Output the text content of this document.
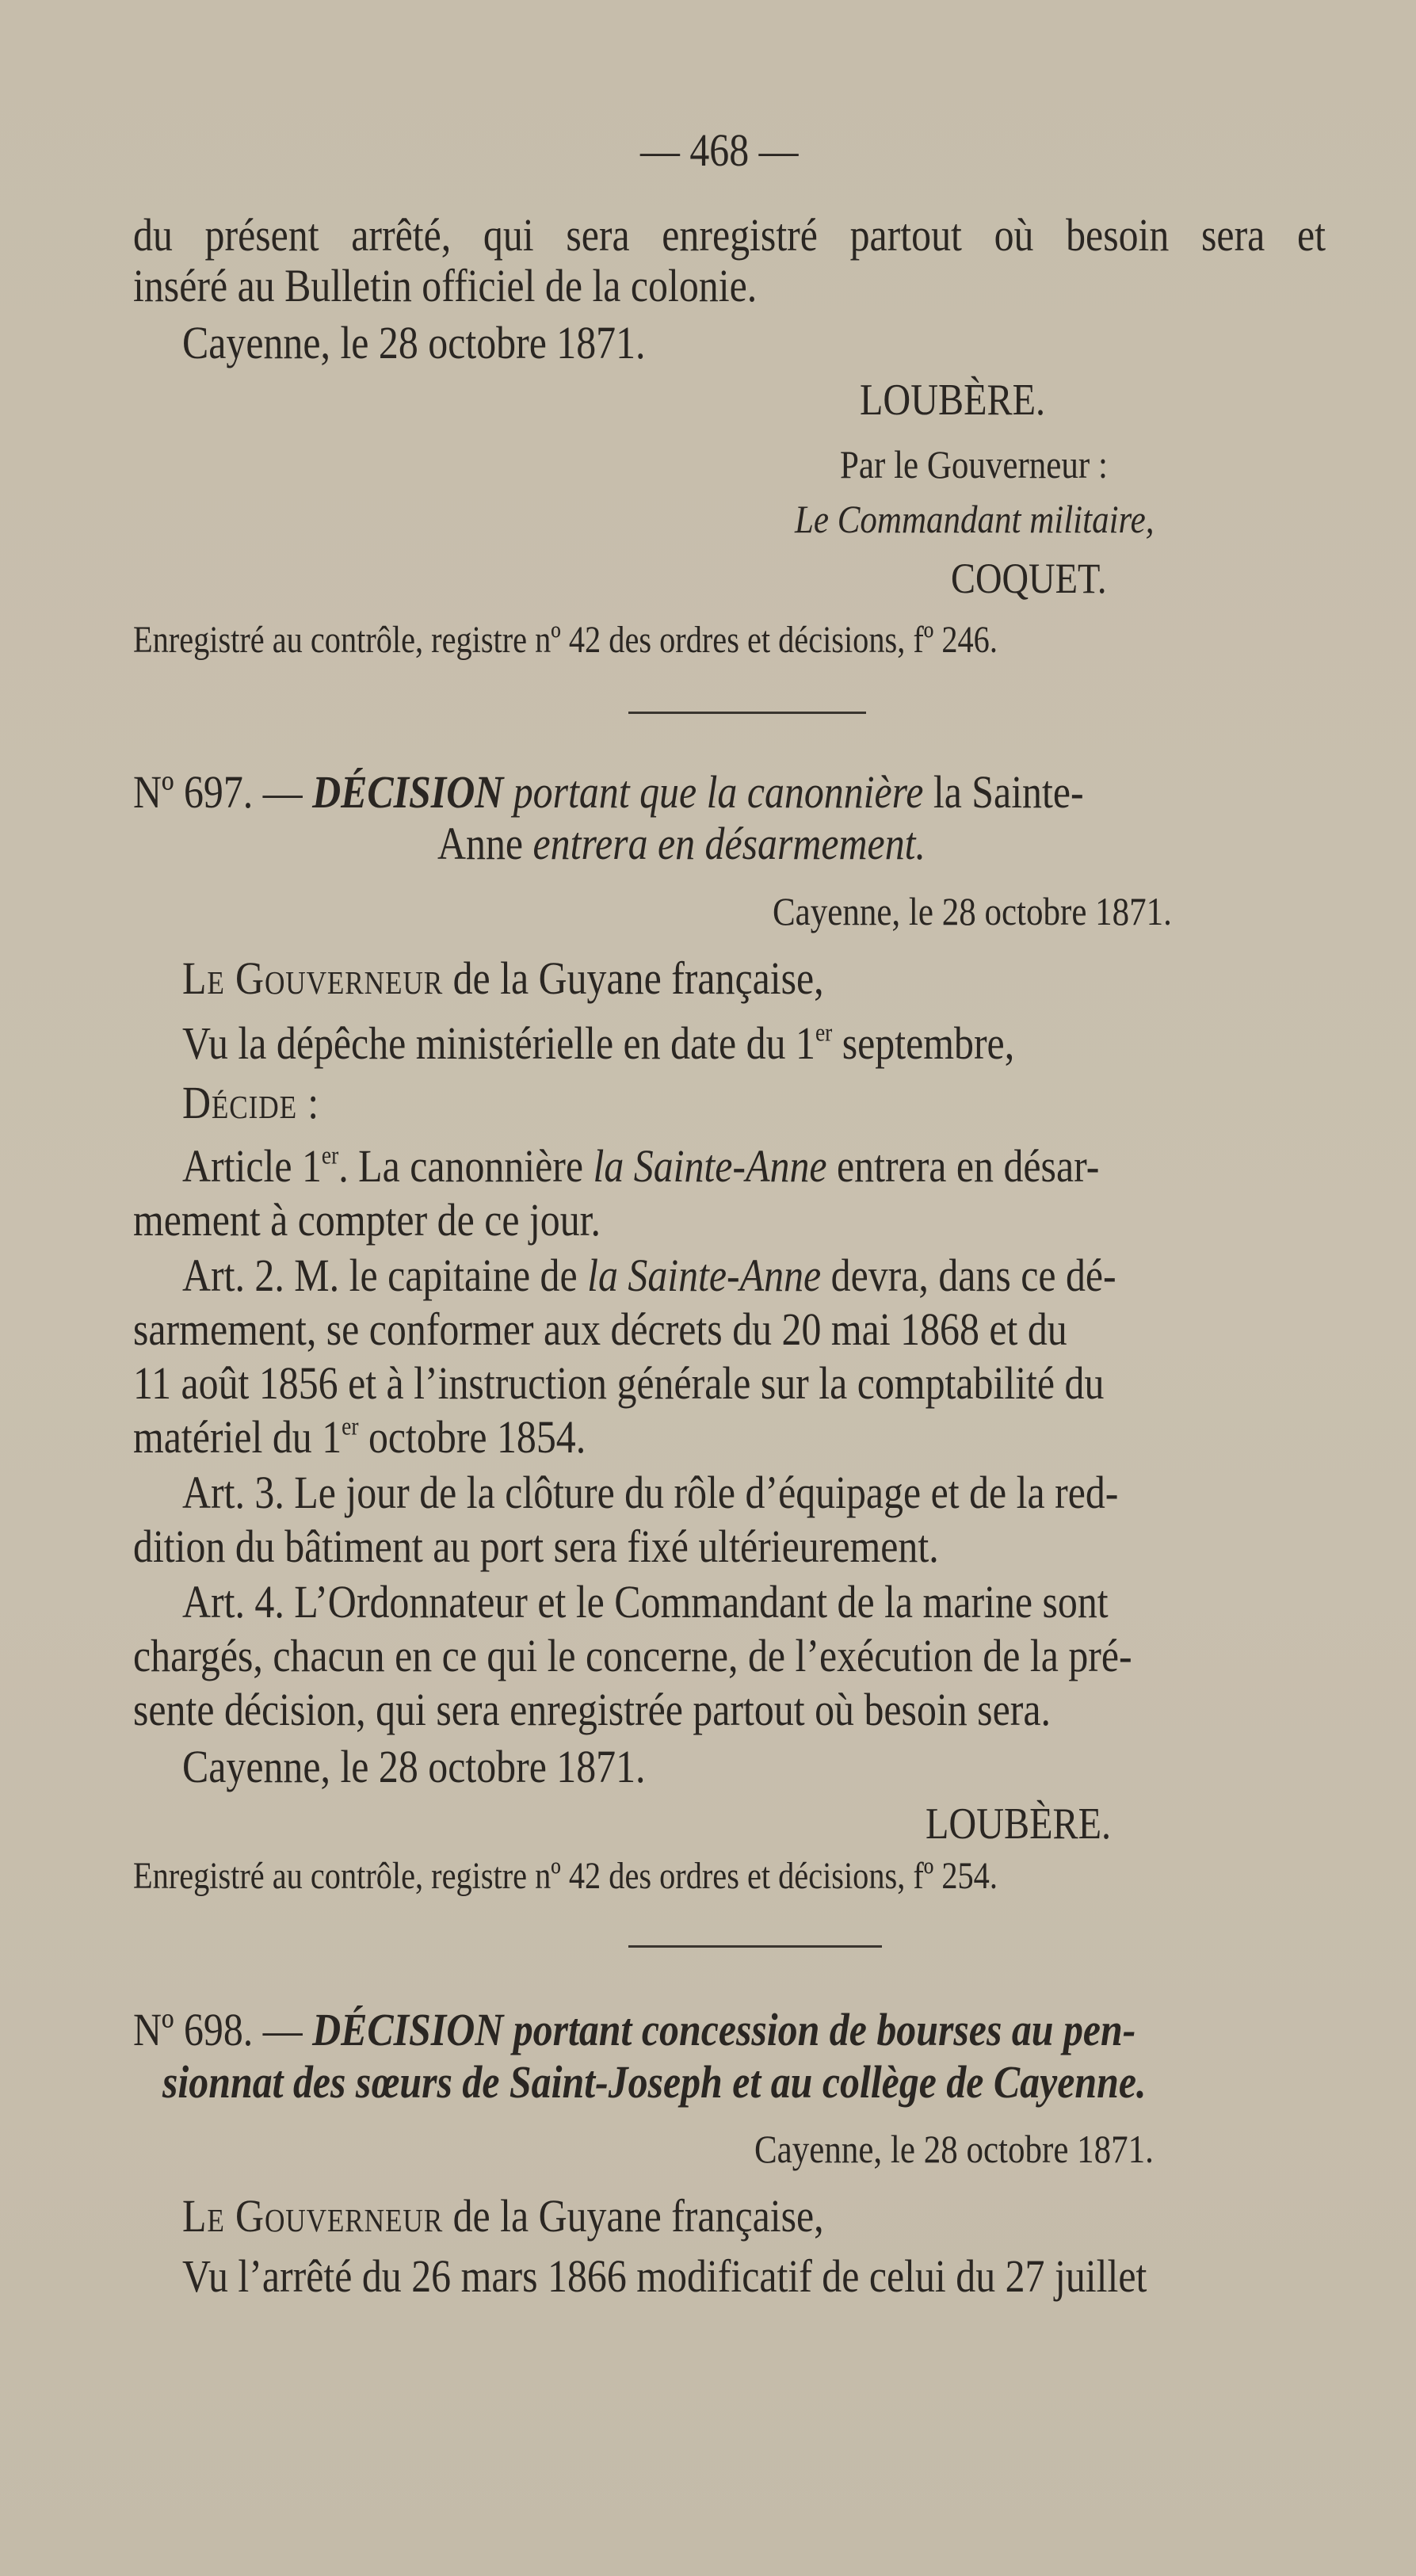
— 468 —
du présent arrêté, qui sera enregistré partout où besoin sera et
inséré au Bulletin officiel de la colonie.
Cayenne, le 28 octobre 1871.
LOUBÈRE.
Par le Gouverneur :
Le Commandant militaire,
COQUET.
Enregistré au contrôle, registre nº 42 des ordres et décisions, fº 246.
Nº 697. — DÉCISION portant que la canonnière la Sainte-
Anne entrera en désarmement.
Cayenne, le 28 octobre 1871.
Le Gouverneur de la Guyane française,
Vu la dépêche ministérielle en date du 1er septembre,
Décide :
Article 1er. La canonnière la Sainte-Anne entrera en désar-
mement à compter de ce jour.
Art. 2. M. le capitaine de la Sainte-Anne devra, dans ce dé-
sarmement, se conformer aux décrets du 20 mai 1868 et du
11 août 1856 et à l’instruction générale sur la comptabilité du
matériel du 1er octobre 1854.
Art. 3. Le jour de la clôture du rôle d’équipage et de la red-
dition du bâtiment au port sera fixé ultérieurement.
Art. 4. L’Ordonnateur et le Commandant de la marine sont
chargés, chacun en ce qui le concerne, de l’exécution de la pré-
sente décision, qui sera enregistrée partout où besoin sera.
Cayenne, le 28 octobre 1871.
LOUBÈRE.
Enregistré au contrôle, registre nº 42 des ordres et décisions, fº 254.
Nº 698. — DÉCISION portant concession de bourses au pen-
sionnat des sœurs de Saint-Joseph et au collège de Cayenne.
Cayenne, le 28 octobre 1871.
Le Gouverneur de la Guyane française,
Vu l’arrêté du 26 mars 1866 modificatif de celui du 27 juillet
